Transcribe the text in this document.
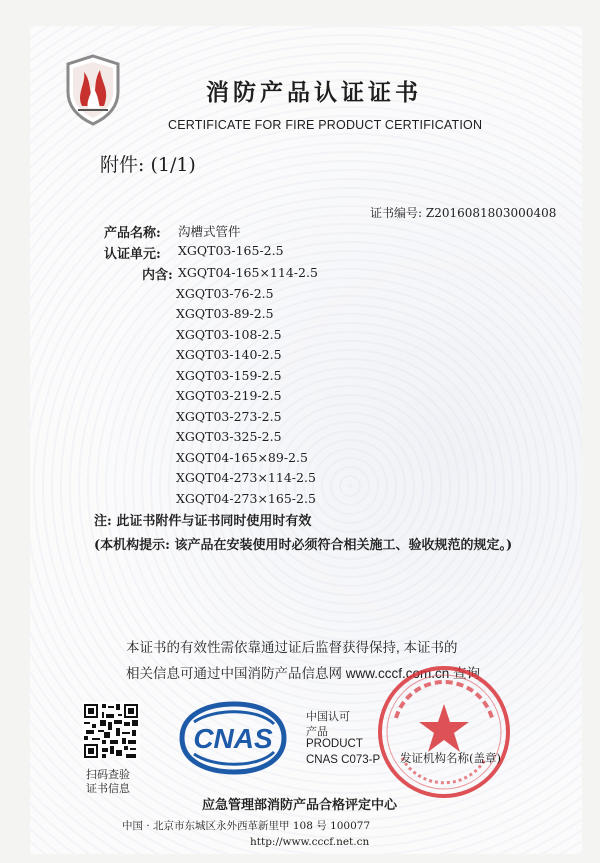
消防产品认证证书
CERTIFICATE FOR FIRE PRODUCT CERTIFICATION
附件: (1/1)
证书编号: Z2016081803000408
产品名称: 沟槽式管件
认证单元: XGQT03-165-2.5
内含: XGQT04-165×114-2.5
XGQT03-76-2.5
XGQT03-89-2.5
XGQT03-108-2.5
XGQT03-140-2.5
XGQT03-159-2.5
XGQT03-219-2.5
XGQT03-273-2.5
XGQT03-325-2.5
XGQT04-165×89-2.5
XGQT04-273×114-2.5
XGQT04-273×165-2.5
注: 此证书附件与证书同时使用时有效
(本机构提示: 该产品在安装使用时必须符合相关施工、验收规范的规定。)
本证书的有效性需依靠通过证后监督获得保持, 本证书的
相关信息可通过中国消防产品信息网 www.cccf.com.cn 查询
扫码查验
证书信息
CNAS
中国认可
产品
PRODUCT
CNAS C073-P 发证机构名称(盖章)
应急管理部消防产品合格评定中心
中国 · 北京市东城区永外西革新里甲 108 号 100077
http://www.cccf.net.cn
